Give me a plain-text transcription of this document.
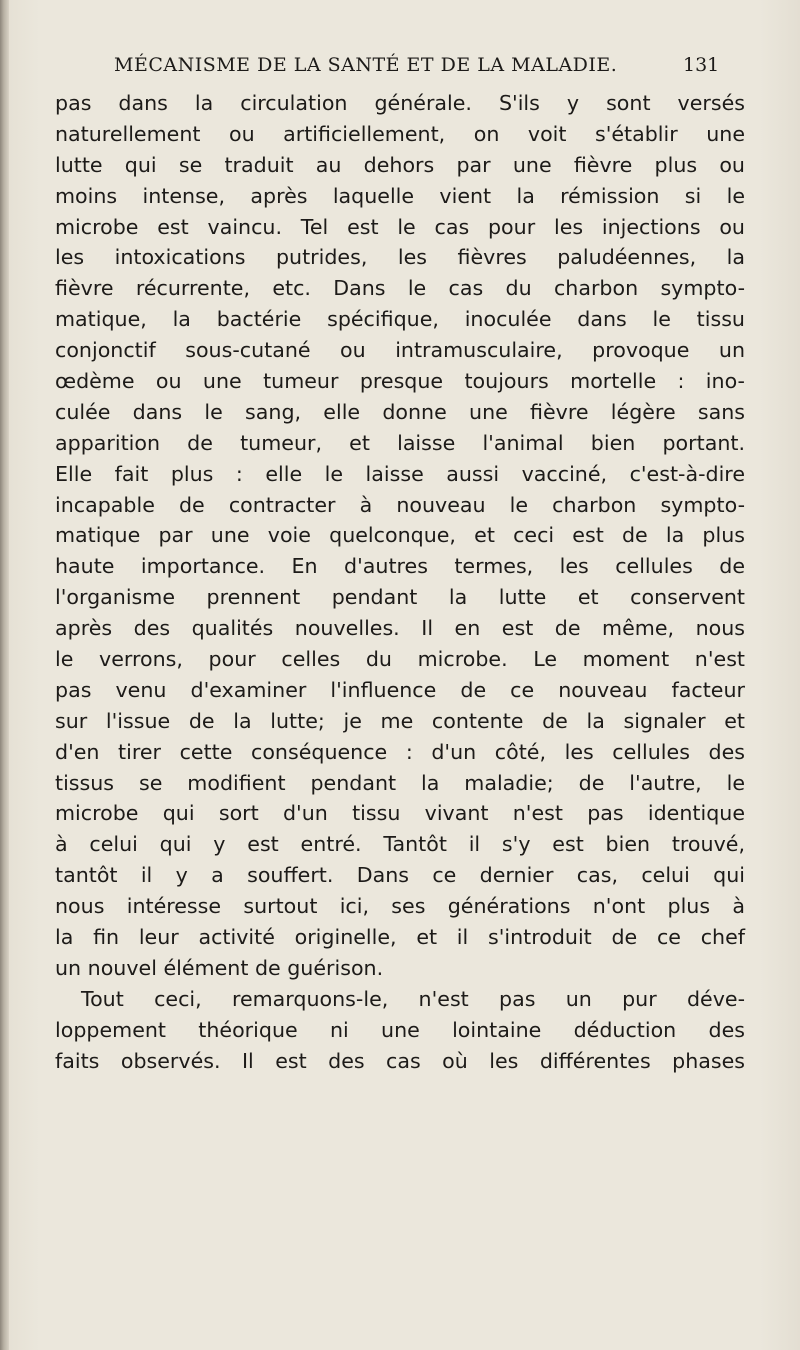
MÉCANISME DE LA SANTÉ ET DE LA MALADIE.	131
pas dans la circulation générale. S'ils y sont versés
naturellement ou artificiellement, on voit s'établir une
lutte qui se traduit au dehors par une fièvre plus ou
moins intense, après laquelle vient la rémission si le
microbe est vaincu. Tel est le cas pour les injections ou
les intoxications putrides, les fièvres paludéennes, la
fièvre récurrente, etc. Dans le cas du charbon sympto-
matique, la bactérie spécifique, inoculée dans le tissu
conjonctif sous-cutané ou intramusculaire, provoque un
œdème ou une tumeur presque toujours mortelle : ino-
culée dans le sang, elle donne une fièvre légère sans
apparition de tumeur, et laisse l'animal bien portant.
Elle fait plus : elle le laisse aussi vacciné, c'est-à-dire
incapable de contracter à nouveau le charbon sympto-
matique par une voie quelconque, et ceci est de la plus
haute importance. En d'autres termes, les cellules de
l'organisme prennent pendant la lutte et conservent
après des qualités nouvelles. Il en est de même, nous
le verrons, pour celles du microbe. Le moment n'est
pas venu d'examiner l'influence de ce nouveau facteur
sur l'issue de la lutte; je me contente de la signaler et
d'en tirer cette conséquence : d'un côté, les cellules des
tissus se modifient pendant la maladie; de l'autre, le
microbe qui sort d'un tissu vivant n'est pas identique
à celui qui y est entré. Tantôt il s'y est bien trouvé,
tantôt il y a souffert. Dans ce dernier cas, celui qui
nous intéresse surtout ici, ses générations n'ont plus à
la fin leur activité originelle, et il s'introduit de ce chef
un nouvel élément de guérison.
Tout ceci, remarquons-le, n'est pas un pur déve-
loppement théorique ni une lointaine déduction des
faits observés. Il est des cas où les différentes phases
